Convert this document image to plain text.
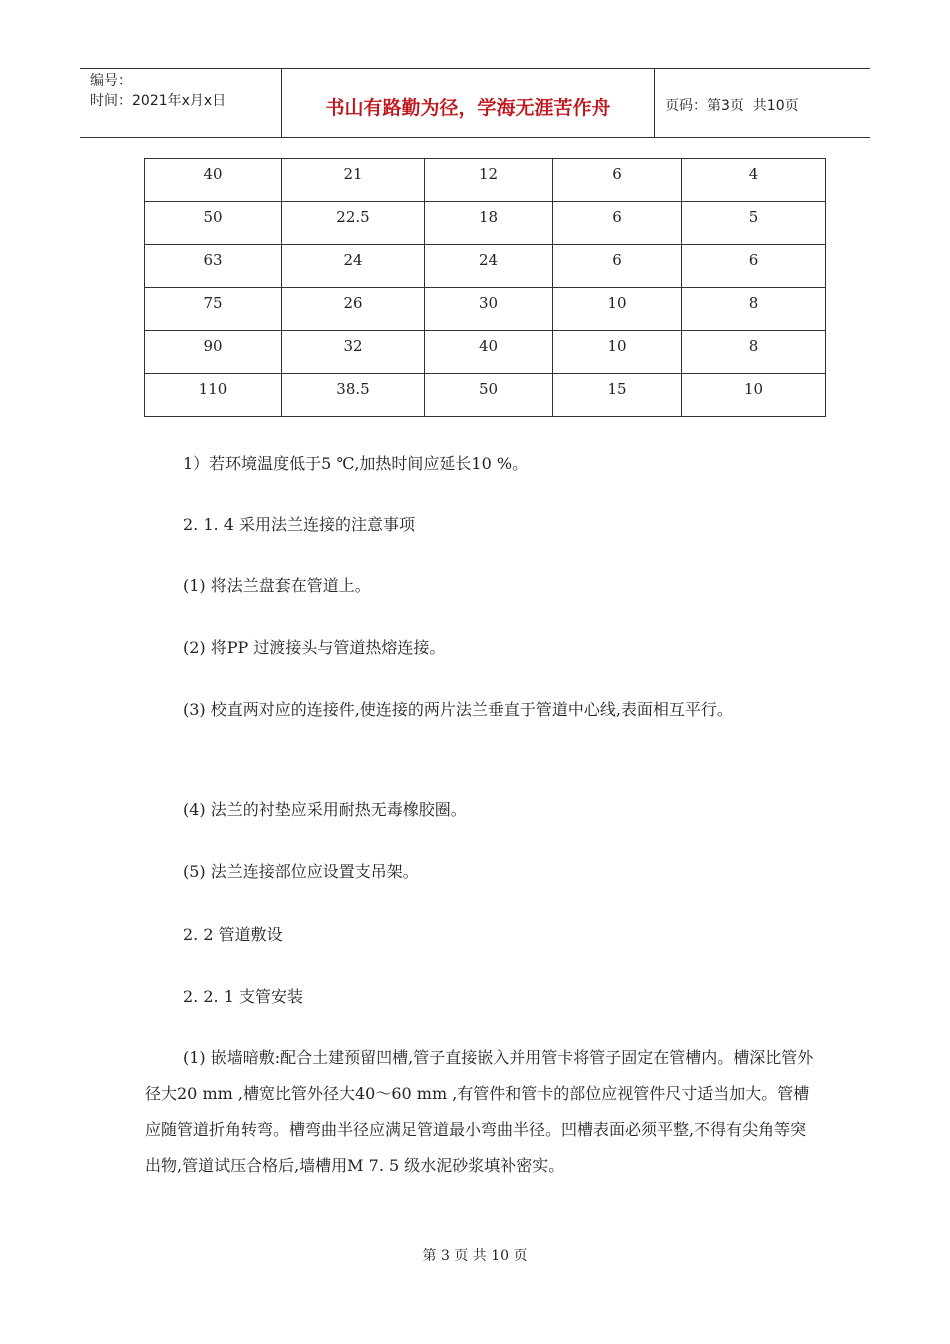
编号：
时间：2021年x月x日	书山有路勤为径，学海无涯苦作舟	页码：第3页  共10页
40	21	12	6	4
50	22.5	18	6	5
63	24	24	6	6
75	26	30	10	8
90	32	40	10	8
110	38.5	50	15	10

1）若环境温度低于5 ℃,加热时间应延长10 %。

2. 1. 4 采用法兰连接的注意事项

(1) 将法兰盘套在管道上。

(2) 将PP 过渡接头与管道热熔连接。

(3) 校直两对应的连接件,使连接的两片法兰垂直于管道中心线,表面相互平行。

(4) 法兰的衬垫应采用耐热无毒橡胶圈。

(5) 法兰连接部位应设置支吊架。

2. 2 管道敷设

2. 2. 1 支管安装

(1) 嵌墙暗敷:配合土建预留凹槽,管子直接嵌入并用管卡将管子固定在管槽内。槽深比管外径大20 mm ,槽宽比管外径大40～60 mm ,有管件和管卡的部位应视管件尺寸适当加大。管槽应随管道折角转弯。槽弯曲半径应满足管道最小弯曲半径。凹槽表面必须平整,不得有尖角等突出物,管道试压合格后,墙槽用M 7. 5 级水泥砂浆填补密实。

第 3 页 共 10 页
